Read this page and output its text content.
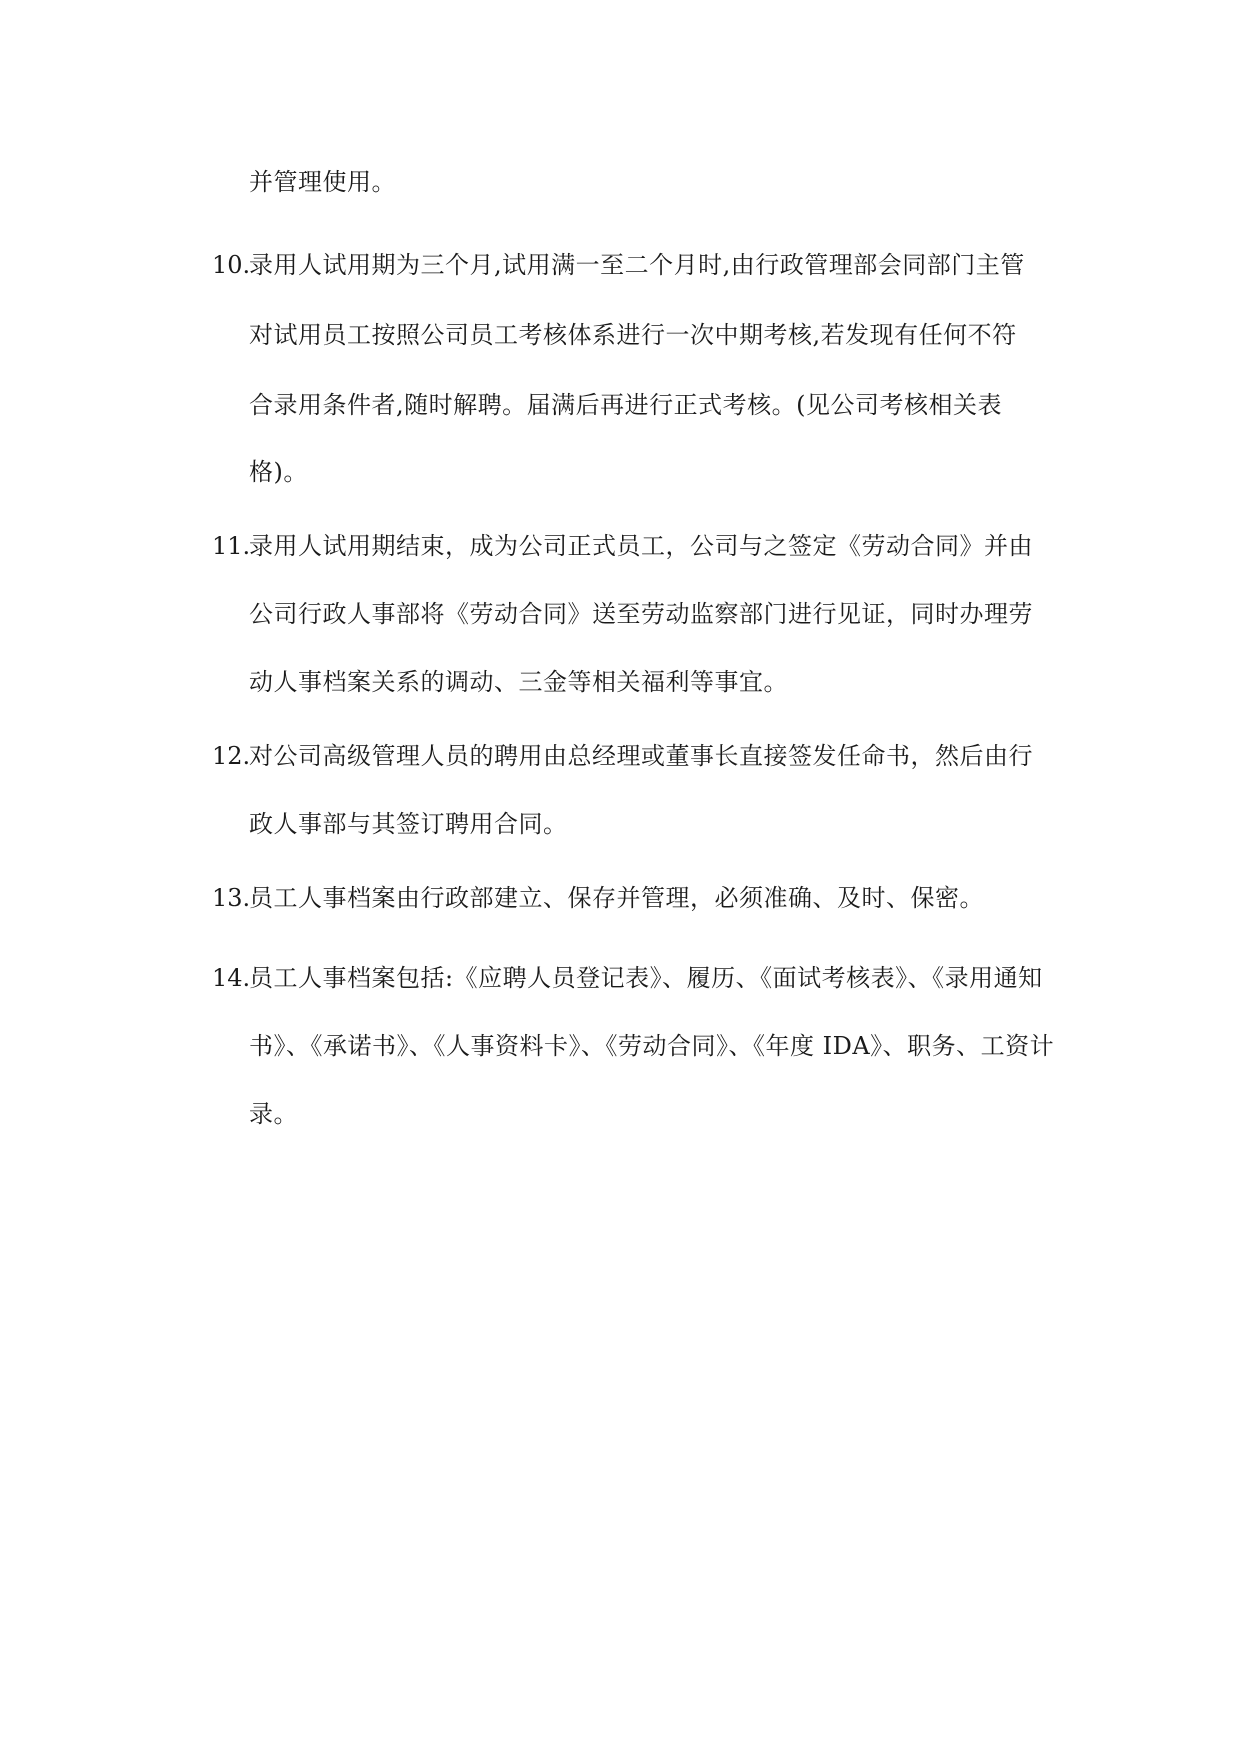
并管理使用。
10.
录用人试用期为三个月,试用满一至二个月时,由行政管理部会同部门主管
对试用员工按照公司员工考核体系进行一次中期考核,若发现有任何不符
合录用条件者,随时解聘。届满后再进行正式考核。(见公司考核相关表
格)。
11.
录用人试用期结束，成为公司正式员工，公司与之签定《劳动合同》并由
公司行政人事部将《劳动合同》送至劳动监察部门进行见证，同时办理劳
动人事档案关系的调动、三金等相关福利等事宜。
12.
对公司高级管理人员的聘用由总经理或董事长直接签发任命书，然后由行
政人事部与其签订聘用合同。
13.
员工人事档案由行政部建立、保存并管理，必须准确、及时、保密。
14.
员工人事档案包括:《应聘人员登记表》、履历、《面试考核表》、《录用通知
书》、《承诺书》、《人事资料卡》、《劳动合同》、《年度 IDA》、职务、工资计
录。
